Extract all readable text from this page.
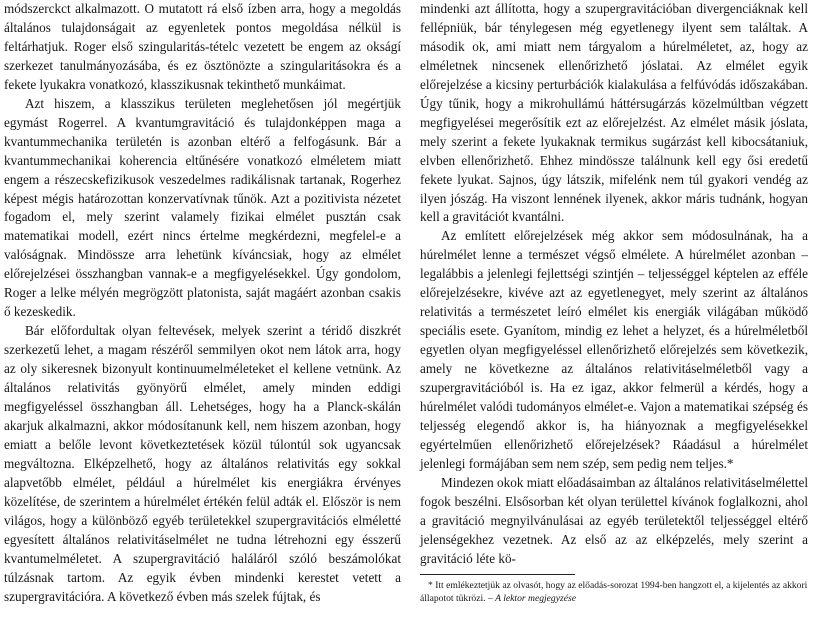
módszerckct alkalmazott. O mutatott rá első ízben arra, hogy a megoldás általános tulajdonságait az egyenletek pontos megoldása nélkül is feltárhatjuk. Roger első szingularitás-tételc vezetett be engem az okságí szerkezet tanulmányozásába, és ez ösztönözte a szingularitásokra és a fekete lyukakra vonatkozó, klasszikusnak tekinthető munkáimat.

Azt hiszem, a klasszikus területen meglehetősen jól megértjük egymást Rogerrel. A kvantumgravitáció és tulajdonképpen maga a kvantummechanika területén is azonban eltérő a felfogásunk. Bár a kvantummechanikai koherencia eltűnésére vonatkozó elméletem miatt engem a részecskefizikusok veszedelmes radikálisnak tartanak, Rogerhez képest mégis határozottan konzervatívnak tűnök. Azt a pozitivista nézetet fogadom el, mely szerint valamely fizikai elmélet pusztán csak matematikai modell, ezért nincs értelme megkérdezni, megfelel-e a valóságnak. Mindössze arra lehetünk kíváncsiak, hogy az elmélet előrejelzései összhangban vannak-e a megfigyelésekkel. Úgy gondolom, Roger a lelke mélyén megrögzött platonista, saját magáért azonban csakis ő kezeskedik.

Bár előfordultak olyan feltevések, melyek szerint a téridő diszkrét szerkezetű lehet, a magam részéről semmilyen okot nem látok arra, hogy az oly sikeresnek bizonyult kontinuumelméleteket el kellene vetnünk. Az általános relativitás gyönyörű elmélet, amely minden eddigi megfigyeléssel összhangban áll. Lehetséges, hogy ha a Planck-skálán akarjuk alkalmazni, akkor módosítanunk kell, nem hiszem azonban, hogy emiatt a belőle levont következtetések közül túlontúl sok ugyancsak megváltozna. Elképzelhető, hogy az általános relativitás egy sokkal alapvetőbb elmélet, például a húrelmélet kis energiákra érvényes közelítése, de szerintem a húrelmélet értékén felül adták el. Először is nem világos, hogy a különböző egyéb területekkel szupergravitációs elméletté egyesített általános relativitáselmélet ne tudna létrehozni egy ésszerű kvantumelméletet. A szupergravitáció haláláról szóló beszámolókat túlzásnak tartom. Az egyik évben mindenki kerestet vetett a szupergravitációra. A következő évben más szelek fújtak, és

mindenki azt állította, hogy a szupergravitációban divergenciáknak kell fellépniük, bár ténylegesen még egyetlenegy ilyent sem találtak. A második ok, ami miatt nem tárgyalom a húrelméletet, az, hogy az elméletnek nincsenek ellenőrizhető jóslatai. Az elmélet egyik előrejelzése a kicsiny perturbációk kialakulása a felfúvódás időszakában. Úgy tűnik, hogy a mikrohullámú háttérsugárzás közelmúltban végzett megfigyelései megerősítik ezt az előrejelzést. Az elmélet másik jóslata, mely szerint a fekete lyukaknak termikus sugárzást kell kibocsátaniuk, elvben ellenőrizhető. Ehhez mindössze találnunk kell egy ősi eredetű fekete lyukat. Sajnos, úgy látszik, mifelénk nem túl gyakori vendég az ilyen jószág. Ha viszont lennének ilyenek, akkor máris tudnánk, hogyan kell a gravitációt kvantálni.

Az említett előrejelzések még akkor sem módosulnának, ha a húrelmélet lenne a természet végső elmélete. A húrelmélet azonban – legalábbis a jelenlegi fejlettségi szintjén – teljességgel képtelen az efféle előrejelzésekre, kivéve azt az egyetlenegyet, mely szerint az általános relativitás a természetet leíró elmélet kis energiák világában működő speciális esete. Gyanítom, mindig ez lehet a helyzet, és a húrelméletből egyetlen olyan megfigyeléssel ellenőrizhető előrejelzés sem következik, amely ne következne az általános relativitáselméletből vagy a szupergravitációból is. Ha ez igaz, akkor felmerül a kérdés, hogy a húrelmélet valódi tudományos elmélet-e. Vajon a matematikai szépség és teljesség elegendő akkor is, ha hiányoznak a megfigyelésekkel egyértelműen ellenőrizhető előrejelzések? Ráadásul a húrelmélet jelenlegi formájában sem nem szép, sem pedig nem teljes.*

Mindezen okok miatt előadásaimban az általános relativitáselmélettel fogok beszélni. Elsősorban két olyan területtel kívánok foglalkozni, ahol a gravitáció megnyilvánulásai az egyéb területektől teljességgel eltérő jelenségekhez vezetnek. Az első az az elképzelés, mely szerint a gravitáció léte kö-

* Itt emlékeztetjük az olvasót, hogy az előadás-sorozat 1994-ben hangzott el, a kijelentés az akkori állapotot tükrözi. – A lektor megjegyzése
